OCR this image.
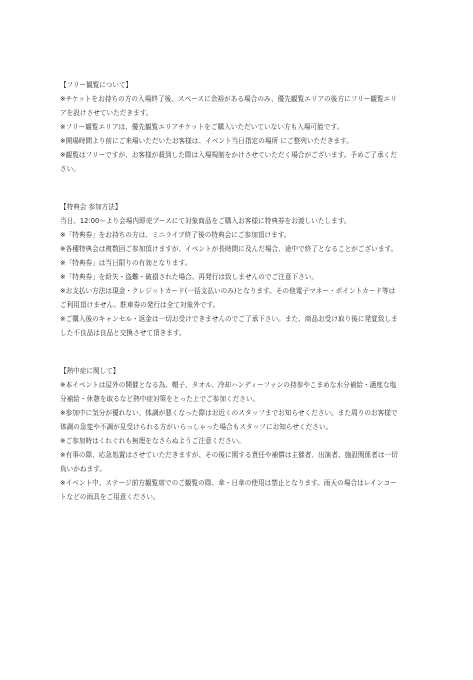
【フリー観覧について】

※チケットをお持ちの方の入場終了後、スペースに余裕がある場合のみ、優先観覧エリアの後方にフリー観覧エリアを設けさせていただきます。

※フリー観覧エリアは、優先観覧エリアチケットをご購入いただいていない方も入場可能です。

※開場時間より前にご来場いただいたお客様は、イベント当日指定の場所 にご整列いただきます。

※観覧はフリーですが、お客様が殺到した際は入場規制をかけさせていただく場合がございます。予めご了承ください。

【特典会 参加方法】

当日、12:00～より会場内即売ブースにて対象商品をご購入お客様に特典券をお渡しいたします。

※「特典券」をお持ちの方は、ミニライブ終了後の特典会にご参加頂けます。

※各種特典会は複数回ご参加頂けますが、イベントが長時間に及んだ場合、途中で終了となることがございます。

※「特典券」は当日限りの有効となります。

※「特典券」を紛失・盗難・破損された場合、再発行は致しませんのでご注意下さい。

※お支払い方法は現金・クレジットカード(一括支払いのみ)となります。その他電子マネー・ポイントカード等はご利用頂けません。駐車券の発行は全て対象外です。

※ご購入後のキャンセル・返金は一切お受けできませんのでご了承下さい。また、商品お受け取り後に発覚致しました不良品は良品と交換させて頂きます。

【熱中症に関して】

※本イベントは屋外の開催となる為、帽子、タオル、冷却ハンディーファンの持参やこまめな水分補給・適度な塩分補給・休憩を取るなど熱中症対策をとった上でご参加ください。

※参加中に気分が優れない、体調が悪くなった際はお近くのスタッフまでお知らせください。また周りのお客様で体調の急変や不調が見受けられる方がいらっしゃった場合もスタッフにお知らせください。

※ご参加時はくれぐれも無理をなさらぬようご注意ください。

※有事の際、応急処置はさせていただきますが、その後に関する責任や補償は主催者、出演者、施設関係者は一切負いかねます。

※イベント中、ステージ前方観覧席でのご観覧の際、傘・日傘の使用は禁止となります。雨天の場合はレインコートなどの雨具をご用意ください。
